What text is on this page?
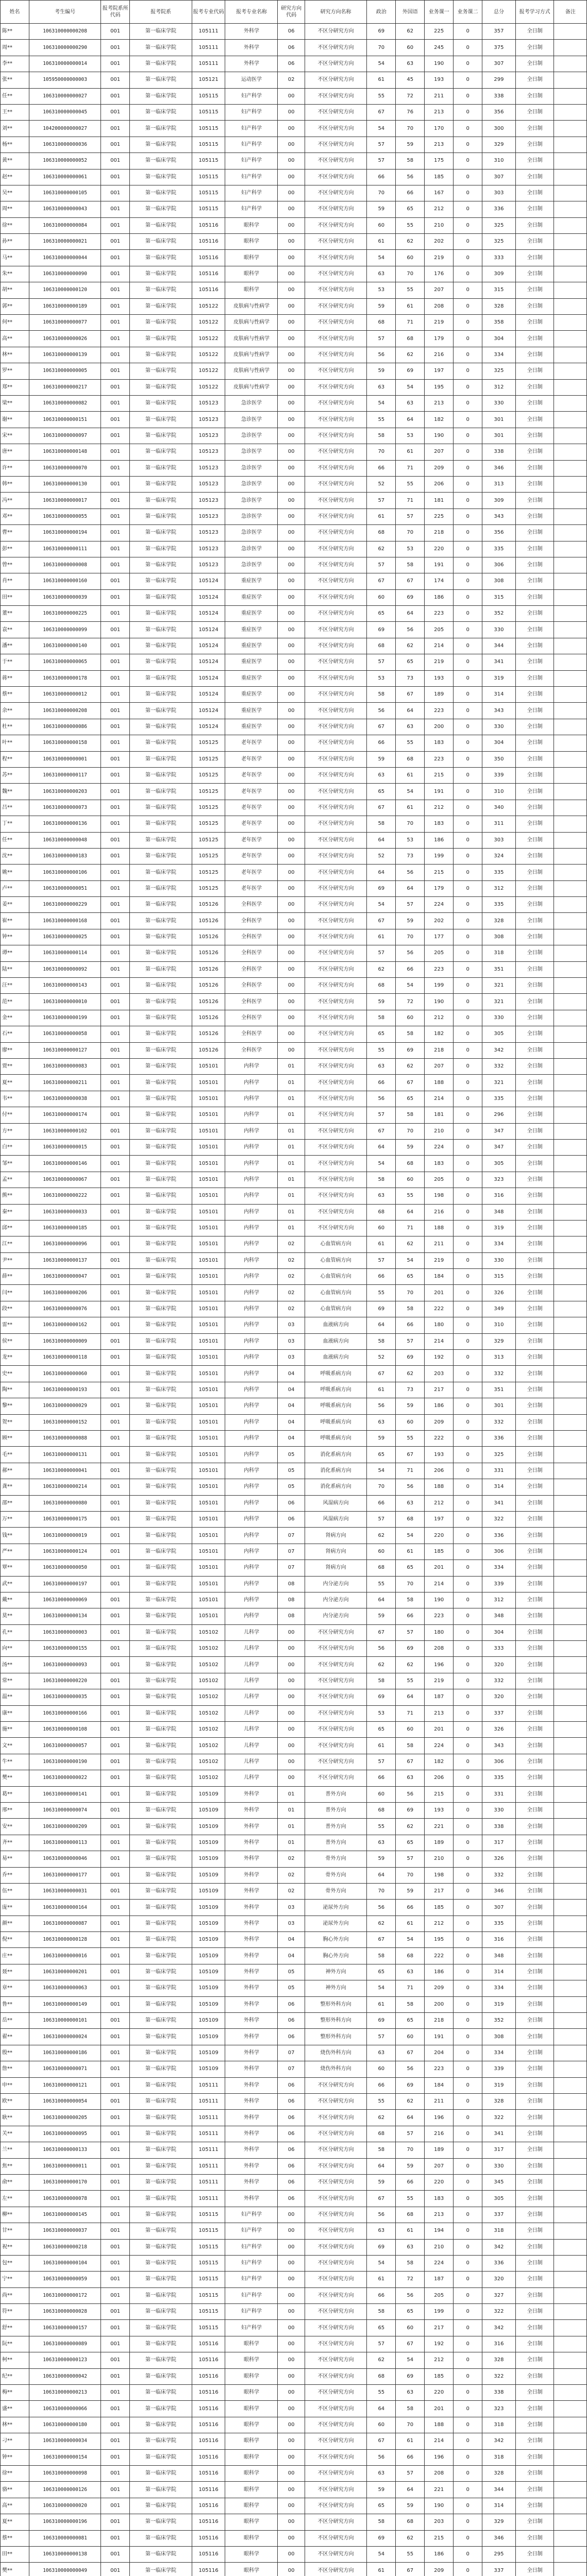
姓名	考生编号	报考院系所代码	报考院系	报考专业代码	报考专业名称	研究方向代码	研究方向名称	政治	外国语	业务课一	业务课二	总分	报考学习方式	备注
陈**	106310000000208	001	第一临床学院	105111	外科学	06	不区分研究方向	69	62	225	0	357	全日制	
周**	106310000000290	001	第一临床学院	105111	外科学	06	不区分研究方向	70	60	245	0	375	全日制	
李**	106310000000014	001	第一临床学院	105111	外科学	06	不区分研究方向	54	63	190	0	307	全日制	
张**	105950000000003	001	第一临床学院	105121	运动医学	02	不区分研究方向	61	45	193	0	299	全日制	
任**	106310000000027	001	第一临床学院	105115	妇产科学	00	不区分研究方向	55	72	211	0	338	全日制	
王**	106310000000045	001	第一临床学院	105115	妇产科学	00	不区分研究方向	67	76	213	0	356	全日制	
刘**	104200000000027	001	第一临床学院	105115	妇产科学	00	不区分研究方向	54	70	170	0	300	全日制	
杨**	106310000000036	001	第一临床学院	105115	妇产科学	00	不区分研究方向	57	59	213	0	329	全日制	
黄**	106310000000052	001	第一临床学院	105115	妇产科学	00	不区分研究方向	57	58	175	0	310	全日制	
赵**	106310000000061	001	第一临床学院	105115	妇产科学	00	不区分研究方向	66	56	185	0	307	全日制	
吴**	106310000000105	001	第一临床学院	105115	妇产科学	00	不区分研究方向	70	66	167	0	303	全日制	
周**	106310000000043	001	第一临床学院	105115	妇产科学	00	不区分研究方向	59	65	212	0	336	全日制	
徐**	106310000000084	001	第一临床学院	105116	眼科学	00	不区分研究方向	60	55	210	0	325	全日制	
孙**	106310000000021	001	第一临床学院	105116	眼科学	00	不区分研究方向	61	62	202	0	325	全日制	
马**	106310000000044	001	第一临床学院	105116	眼科学	00	不区分研究方向	54	60	219	0	333	全日制	
朱**	106310000000090	001	第一临床学院	105116	眼科学	00	不区分研究方向	63	70	176	0	309	全日制	
胡**	106310000000120	001	第一临床学院	105116	眼科学	00	不区分研究方向	53	55	207	0	315	全日制	
郭**	106310000000189	001	第一临床学院	105122	皮肤病与性病学	00	不区分研究方向	59	61	208	0	328	全日制	
何**	106310000000077	001	第一临床学院	105122	皮肤病与性病学	00	不区分研究方向	68	71	219	0	358	全日制	
高**	106310000000026	001	第一临床学院	105122	皮肤病与性病学	00	不区分研究方向	57	68	179	0	304	全日制	
林**	106310000000139	001	第一临床学院	105122	皮肤病与性病学	00	不区分研究方向	56	62	216	0	334	全日制	
罗**	106310000000005	001	第一临床学院	105122	皮肤病与性病学	00	不区分研究方向	59	69	197	0	325	全日制	
郑**	106310000000217	001	第一临床学院	105122	皮肤病与性病学	00	不区分研究方向	63	54	195	0	312	全日制	
梁**	106310000000082	001	第一临床学院	105123	急诊医学	00	不区分研究方向	54	63	213	0	330	全日制	
谢**	106310000000151	001	第一临床学院	105123	急诊医学	00	不区分研究方向	55	64	182	0	301	全日制	
宋**	106310000000097	001	第一临床学院	105123	急诊医学	00	不区分研究方向	58	53	190	0	301	全日制	
唐**	106310000000148	001	第一临床学院	105123	急诊医学	00	不区分研究方向	70	61	207	0	338	全日制	
许**	106310000000070	001	第一临床学院	105123	急诊医学	00	不区分研究方向	66	71	209	0	346	全日制	
韩**	106310000000130	001	第一临床学院	105123	急诊医学	00	不区分研究方向	52	55	206	0	313	全日制	
冯**	106310000000017	001	第一临床学院	105123	急诊医学	00	不区分研究方向	57	71	181	0	309	全日制	
邓**	106310000000055	001	第一临床学院	105123	急诊医学	00	不区分研究方向	61	57	225	0	343	全日制	
曹**	106310000000194	001	第一临床学院	105123	急诊医学	00	不区分研究方向	68	70	218	0	356	全日制	
彭**	106310000000111	001	第一临床学院	105123	急诊医学	00	不区分研究方向	62	53	220	0	335	全日制	
曾**	106310000000008	001	第一临床学院	105123	急诊医学	00	不区分研究方向	57	58	191	0	306	全日制	
肖**	106310000000160	001	第一临床学院	105124	重症医学	00	不区分研究方向	67	67	174	0	308	全日制	
田**	106310000000039	001	第一临床学院	105124	重症医学	00	不区分研究方向	60	69	186	0	315	全日制	
董**	106310000000225	001	第一临床学院	105124	重症医学	00	不区分研究方向	65	64	223	0	352	全日制	
袁**	106310000000099	001	第一临床学院	105124	重症医学	00	不区分研究方向	69	56	205	0	330	全日制	
潘**	106310000000140	001	第一临床学院	105124	重症医学	00	不区分研究方向	68	62	214	0	344	全日制	
于**	106310000000065	001	第一临床学院	105124	重症医学	00	不区分研究方向	57	65	219	0	341	全日制	
蒋**	106310000000178	001	第一临床学院	105124	重症医学	00	不区分研究方向	53	73	193	0	319	全日制	
蔡**	106310000000012	001	第一临床学院	105124	重症医学	00	不区分研究方向	58	67	189	0	314	全日制	
余**	106310000000208	001	第一临床学院	105124	重症医学	00	不区分研究方向	56	64	223	0	343	全日制	
杜**	106310000000086	001	第一临床学院	105124	重症医学	00	不区分研究方向	67	63	200	0	330	全日制	
叶**	106310000000158	001	第一临床学院	105125	老年医学	00	不区分研究方向	66	55	183	0	304	全日制	
程**	106310000000001	001	第一临床学院	105125	老年医学	00	不区分研究方向	59	68	223	0	350	全日制	
苏**	106310000000117	001	第一临床学院	105125	老年医学	00	不区分研究方向	63	61	215	0	339	全日制	
魏**	106310000000203	001	第一临床学院	105125	老年医学	00	不区分研究方向	65	54	191	0	310	全日制	
吕**	106310000000073	001	第一临床学院	105125	老年医学	00	不区分研究方向	67	61	212	0	340	全日制	
丁**	106310000000136	001	第一临床学院	105125	老年医学	00	不区分研究方向	58	70	183	0	311	全日制	
任**	106310000000048	001	第一临床学院	105125	老年医学	00	不区分研究方向	64	53	186	0	303	全日制	
沈**	106310000000183	001	第一临床学院	105125	老年医学	00	不区分研究方向	52	73	199	0	324	全日制	
姚**	106310000000106	001	第一临床学院	105125	老年医学	00	不区分研究方向	64	56	215	0	335	全日制	
卢**	106310000000051	001	第一临床学院	105125	老年医学	00	不区分研究方向	69	64	179	0	312	全日制	
姜**	106310000000229	001	第一临床学院	105126	全科医学	00	不区分研究方向	54	57	224	0	335	全日制	
崔**	106310000000168	001	第一临床学院	105126	全科医学	00	不区分研究方向	67	59	202	0	328	全日制	
钟**	106310000000025	001	第一临床学院	105126	全科医学	00	不区分研究方向	61	70	177	0	308	全日制	
谭**	106310000000114	001	第一临床学院	105126	全科医学	00	不区分研究方向	57	56	205	0	318	全日制	
陆**	106310000000092	001	第一临床学院	105126	全科医学	00	不区分研究方向	62	66	223	0	351	全日制	
汪**	106310000000143	001	第一临床学院	105126	全科医学	00	不区分研究方向	68	54	199	0	321	全日制	
范**	106310000000010	001	第一临床学院	105126	全科医学	00	不区分研究方向	59	72	190	0	321	全日制	
金**	106310000000199	001	第一临床学院	105126	全科医学	00	不区分研究方向	58	60	212	0	330	全日制	
石**	106310000000058	001	第一临床学院	105126	全科医学	00	不区分研究方向	65	58	182	0	305	全日制	
廖**	106310000000127	001	第一临床学院	105126	全科医学	00	不区分研究方向	55	69	218	0	342	全日制	
贾**	106310000000083	001	第一临床学院	105101	内科学	01	不区分研究方向	63	62	207	0	332	全日制	
夏**	106310000000211	001	第一临床学院	105101	内科学	01	不区分研究方向	66	67	188	0	321	全日制	
韦**	106310000000038	001	第一临床学院	105101	内科学	01	不区分研究方向	56	65	214	0	335	全日制	
付**	106310000000174	001	第一临床学院	105101	内科学	01	不区分研究方向	57	58	181	0	296	全日制	
方**	106310000000102	001	第一临床学院	105101	内科学	01	不区分研究方向	67	70	210	0	347	全日制	
白**	106310000000015	001	第一临床学院	105101	内科学	01	不区分研究方向	64	59	224	0	347	全日制	
邹**	106310000000146	001	第一临床学院	105101	内科学	01	不区分研究方向	54	68	183	0	305	全日制	
孟**	106310000000067	001	第一临床学院	105101	内科学	01	不区分研究方向	58	60	205	0	323	全日制	
熊**	106310000000222	001	第一临床学院	105101	内科学	01	不区分研究方向	63	55	198	0	316	全日制	
秦**	106310000000033	001	第一临床学院	105101	内科学	01	不区分研究方向	68	64	216	0	348	全日制	
邱**	106310000000185	001	第一临床学院	105101	内科学	01	不区分研究方向	60	71	188	0	319	全日制	
江**	106310000000096	001	第一临床学院	105101	内科学	02	心血管病方向	61	62	211	0	334	全日制	
尹**	106310000000137	001	第一临床学院	105101	内科学	02	心血管病方向	57	54	219	0	330	全日制	
薛**	106310000000047	001	第一临床学院	105101	内科学	02	心血管病方向	66	65	184	0	315	全日制	
闫**	106310000000206	001	第一临床学院	105101	内科学	02	心血管病方向	55	70	201	0	326	全日制	
段**	106310000000076	001	第一临床学院	105101	内科学	02	心血管病方向	69	58	222	0	349	全日制	
雷**	106310000000162	001	第一临床学院	105101	内科学	03	血液病方向	64	66	180	0	310	全日制	
侯**	106310000000009	001	第一临床学院	105101	内科学	03	血液病方向	58	57	214	0	329	全日制	
龙**	106310000000118	001	第一临床学院	105101	内科学	03	血液病方向	52	69	192	0	313	全日制	
史**	106310000000060	001	第一临床学院	105101	内科学	04	呼吸系病方向	67	62	203	0	332	全日制	
陶**	106310000000193	001	第一临床学院	105101	内科学	04	呼吸系病方向	61	73	217	0	351	全日制	
黎**	106310000000029	001	第一临床学院	105101	内科学	04	呼吸系病方向	56	59	186	0	301	全日制	
贺**	106310000000152	001	第一临床学院	105101	内科学	04	呼吸系病方向	63	60	209	0	332	全日制	
顾**	106310000000088	001	第一临床学院	105101	内科学	04	呼吸系病方向	59	55	222	0	336	全日制	
毛**	106310000000131	001	第一临床学院	105101	内科学	05	消化系病方向	65	67	193	0	325	全日制	
郝**	106310000000041	001	第一临床学院	105101	内科学	05	消化系病方向	54	71	206	0	331	全日制	
龚**	106310000000214	001	第一临床学院	105101	内科学	05	消化系病方向	70	56	188	0	314	全日制	
邵**	106310000000080	001	第一临床学院	105101	内科学	06	风湿病方向	66	63	212	0	341	全日制	
万**	106310000000175	001	第一临床学院	105101	内科学	06	风湿病方向	57	68	197	0	322	全日制	
钱**	106310000000019	001	第一临床学院	105101	内科学	07	肾病方向	62	54	220	0	336	全日制	
严**	106310000000124	001	第一临床学院	105101	内科学	07	肾病方向	60	61	185	0	306	全日制	
覃**	106310000000050	001	第一临床学院	105101	内科学	07	肾病方向	68	65	201	0	334	全日制	
武**	106310000000197	001	第一临床学院	105101	内科学	08	内分泌方向	55	70	214	0	339	全日制	
戴**	106310000000069	001	第一临床学院	105101	内科学	08	内分泌方向	64	58	190	0	312	全日制	
莫**	106310000000134	001	第一临床学院	105101	内科学	08	内分泌方向	59	66	223	0	348	全日制	
孔**	106310000000003	001	第一临床学院	105102	儿科学	00	不区分研究方向	67	57	180	0	304	全日制	
向**	106310000000155	001	第一临床学院	105102	儿科学	00	不区分研究方向	56	69	208	0	333	全日制	
汤**	106310000000093	001	第一临床学院	105102	儿科学	00	不区分研究方向	62	62	196	0	320	全日制	
常**	106310000000220	001	第一临床学院	105102	儿科学	00	不区分研究方向	58	55	219	0	332	全日制	
温**	106310000000035	001	第一临床学院	105102	儿科学	00	不区分研究方向	69	64	187	0	320	全日制	
康**	106310000000166	001	第一临床学院	105102	儿科学	00	不区分研究方向	53	71	213	0	337	全日制	
施**	106310000000108	001	第一临床学院	105102	儿科学	00	不区分研究方向	65	60	201	0	326	全日制	
文**	106310000000057	001	第一临床学院	105102	儿科学	00	不区分研究方向	61	58	224	0	343	全日制	
牛**	106310000000190	001	第一临床学院	105102	儿科学	00	不区分研究方向	57	67	182	0	306	全日制	
樊**	106310000000022	001	第一临床学院	105102	儿科学	00	不区分研究方向	66	63	206	0	335	全日制	
葛**	106310000000141	001	第一临床学院	105109	外科学	01	普外方向	60	56	215	0	331	全日制	
邢**	106310000000074	001	第一临床学院	105109	外科学	01	普外方向	68	69	193	0	330	全日制	
安**	106310000000209	001	第一临床学院	105109	外科学	01	普外方向	55	62	221	0	338	全日制	
齐**	106310000000113	001	第一临床学院	105109	外科学	01	普外方向	63	65	189	0	317	全日制	
易**	106310000000046	001	第一临床学院	105109	外科学	02	骨外方向	59	57	210	0	326	全日制	
乔**	106310000000177	001	第一临床学院	105109	外科学	02	骨外方向	64	70	198	0	332	全日制	
伍**	106310000000031	001	第一临床学院	105109	外科学	02	骨外方向	70	59	217	0	346	全日制	
庞**	106310000000164	001	第一临床学院	105109	外科学	03	泌尿外方向	56	66	185	0	307	全日制	
颜**	106310000000087	001	第一临床学院	105109	外科学	03	泌尿外方向	62	61	212	0	335	全日制	
倪**	106310000000128	001	第一临床学院	105109	外科学	04	胸心外方向	67	54	195	0	316	全日制	
庄**	106310000000016	001	第一临床学院	105109	外科学	04	胸心外方向	58	68	222	0	348	全日制	
聂**	106310000000201	001	第一临床学院	105109	外科学	05	神外方向	65	63	186	0	314	全日制	
章**	106310000000063	001	第一临床学院	105109	外科学	05	神外方向	54	71	209	0	334	全日制	
鲁**	106310000000149	001	第一临床学院	105109	外科学	06	整形外科方向	61	58	200	0	319	全日制	
岳**	106310000000101	001	第一临床学院	105109	外科学	06	整形外科方向	69	65	218	0	352	全日制	
翟**	106310000000024	001	第一临床学院	105109	外科学	06	整形外科方向	57	60	191	0	308	全日制	
殷**	106310000000186	001	第一临床学院	105109	外科学	07	烧伤外科方向	63	67	204	0	334	全日制	
詹**	106310000000071	001	第一临床学院	105109	外科学	07	烧伤外科方向	60	56	223	0	339	全日制	
申**	106310000000121	001	第一临床学院	105111	外科学	06	不区分研究方向	66	69	184	0	319	全日制	
欧**	106310000000054	001	第一临床学院	105111	外科学	06	不区分研究方向	55	62	211	0	328	全日制	
耿**	106310000000205	001	第一临床学院	105111	外科学	06	不区分研究方向	62	64	196	0	322	全日制	
关**	106310000000095	001	第一临床学院	105111	外科学	06	不区分研究方向	68	57	216	0	341	全日制	
兰**	106310000000133	001	第一临床学院	105111	外科学	06	不区分研究方向	58	70	189	0	317	全日制	
焦**	106310000000011	001	第一临床学院	105111	外科学	06	不区分研究方向	64	59	207	0	330	全日制	
俞**	106310000000170	001	第一临床学院	105111	外科学	06	不区分研究方向	59	66	220	0	345	全日制	
左**	106310000000078	001	第一临床学院	105111	外科学	06	不区分研究方向	67	55	183	0	305	全日制	
柳**	106310000000145	001	第一临床学院	105115	妇产科学	00	不区分研究方向	56	68	213	0	337	全日制	
甘**	106310000000037	001	第一临床学院	105115	妇产科学	00	不区分研究方向	63	61	194	0	318	全日制	
祝**	106310000000218	001	第一临床学院	105115	妇产科学	00	不区分研究方向	69	63	210	0	342	全日制	
包**	106310000000104	001	第一临床学院	105115	妇产科学	00	不区分研究方向	54	58	224	0	336	全日制	
宁**	106310000000059	001	第一临床学院	105115	妇产科学	00	不区分研究方向	61	72	187	0	320	全日制	
尚**	106310000000172	001	第一临床学院	105115	妇产科学	00	不区分研究方向	66	56	205	0	327	全日制	
符**	106310000000028	001	第一临床学院	105115	妇产科学	00	不区分研究方向	58	65	199	0	322	全日制	
舒**	106310000000157	001	第一临床学院	105115	妇产科学	00	不区分研究方向	65	60	217	0	342	全日制	
阮**	106310000000089	001	第一临床学院	105116	眼科学	00	不区分研究方向	57	67	192	0	316	全日制	
柯**	106310000000123	001	第一临床学院	105116	眼科学	00	不区分研究方向	62	54	212	0	328	全日制	
纪**	106310000000042	001	第一临床学院	105116	眼科学	00	不区分研究方向	68	69	185	0	322	全日制	
梅**	106310000000213	001	第一临床学院	105116	眼科学	00	不区分研究方向	55	63	220	0	338	全日制	
盛**	106310000000066	001	第一临床学院	105116	眼科学	00	不区分研究方向	64	58	201	0	323	全日制	
林**	106310000000180	001	第一临床学院	105116	眼科学	00	不区分研究方向	60	70	188	0	318	全日制	
刁**	106310000000034	001	第一临床学院	105116	眼科学	00	不区分研究方向	67	61	214	0	342	全日制	
钟**	106310000000154	001	第一临床学院	105116	眼科学	00	不区分研究方向	56	66	196	0	318	全日制	
徐**	106310000000098	001	第一临床学院	105116	眼科学	00	不区分研究方向	63	57	208	0	328	全日制	
骆**	106310000000126	001	第一临床学院	105116	眼科学	00	不区分研究方向	59	64	221	0	344	全日制	
高**	106310000000020	001	第一临床学院	105116	眼科学	00	不区分研究方向	65	59	190	0	314	全日制	
夏**	106310000000196	001	第一临床学院	105116	眼科学	00	不区分研究方向	58	68	203	0	329	全日制	
蔡**	106310000000081	001	第一临床学院	105116	眼科学	00	不区分研究方向	69	62	215	0	346	全日制	
田**	106310000000138	001	第一临床学院	105116	眼科学	00	不区分研究方向	54	55	186	0	295	全日制	
樊**	106310000000049	001	第一临床学院	105116	眼科学	00	不区分研究方向	61	67	209	0	337	全日制	
